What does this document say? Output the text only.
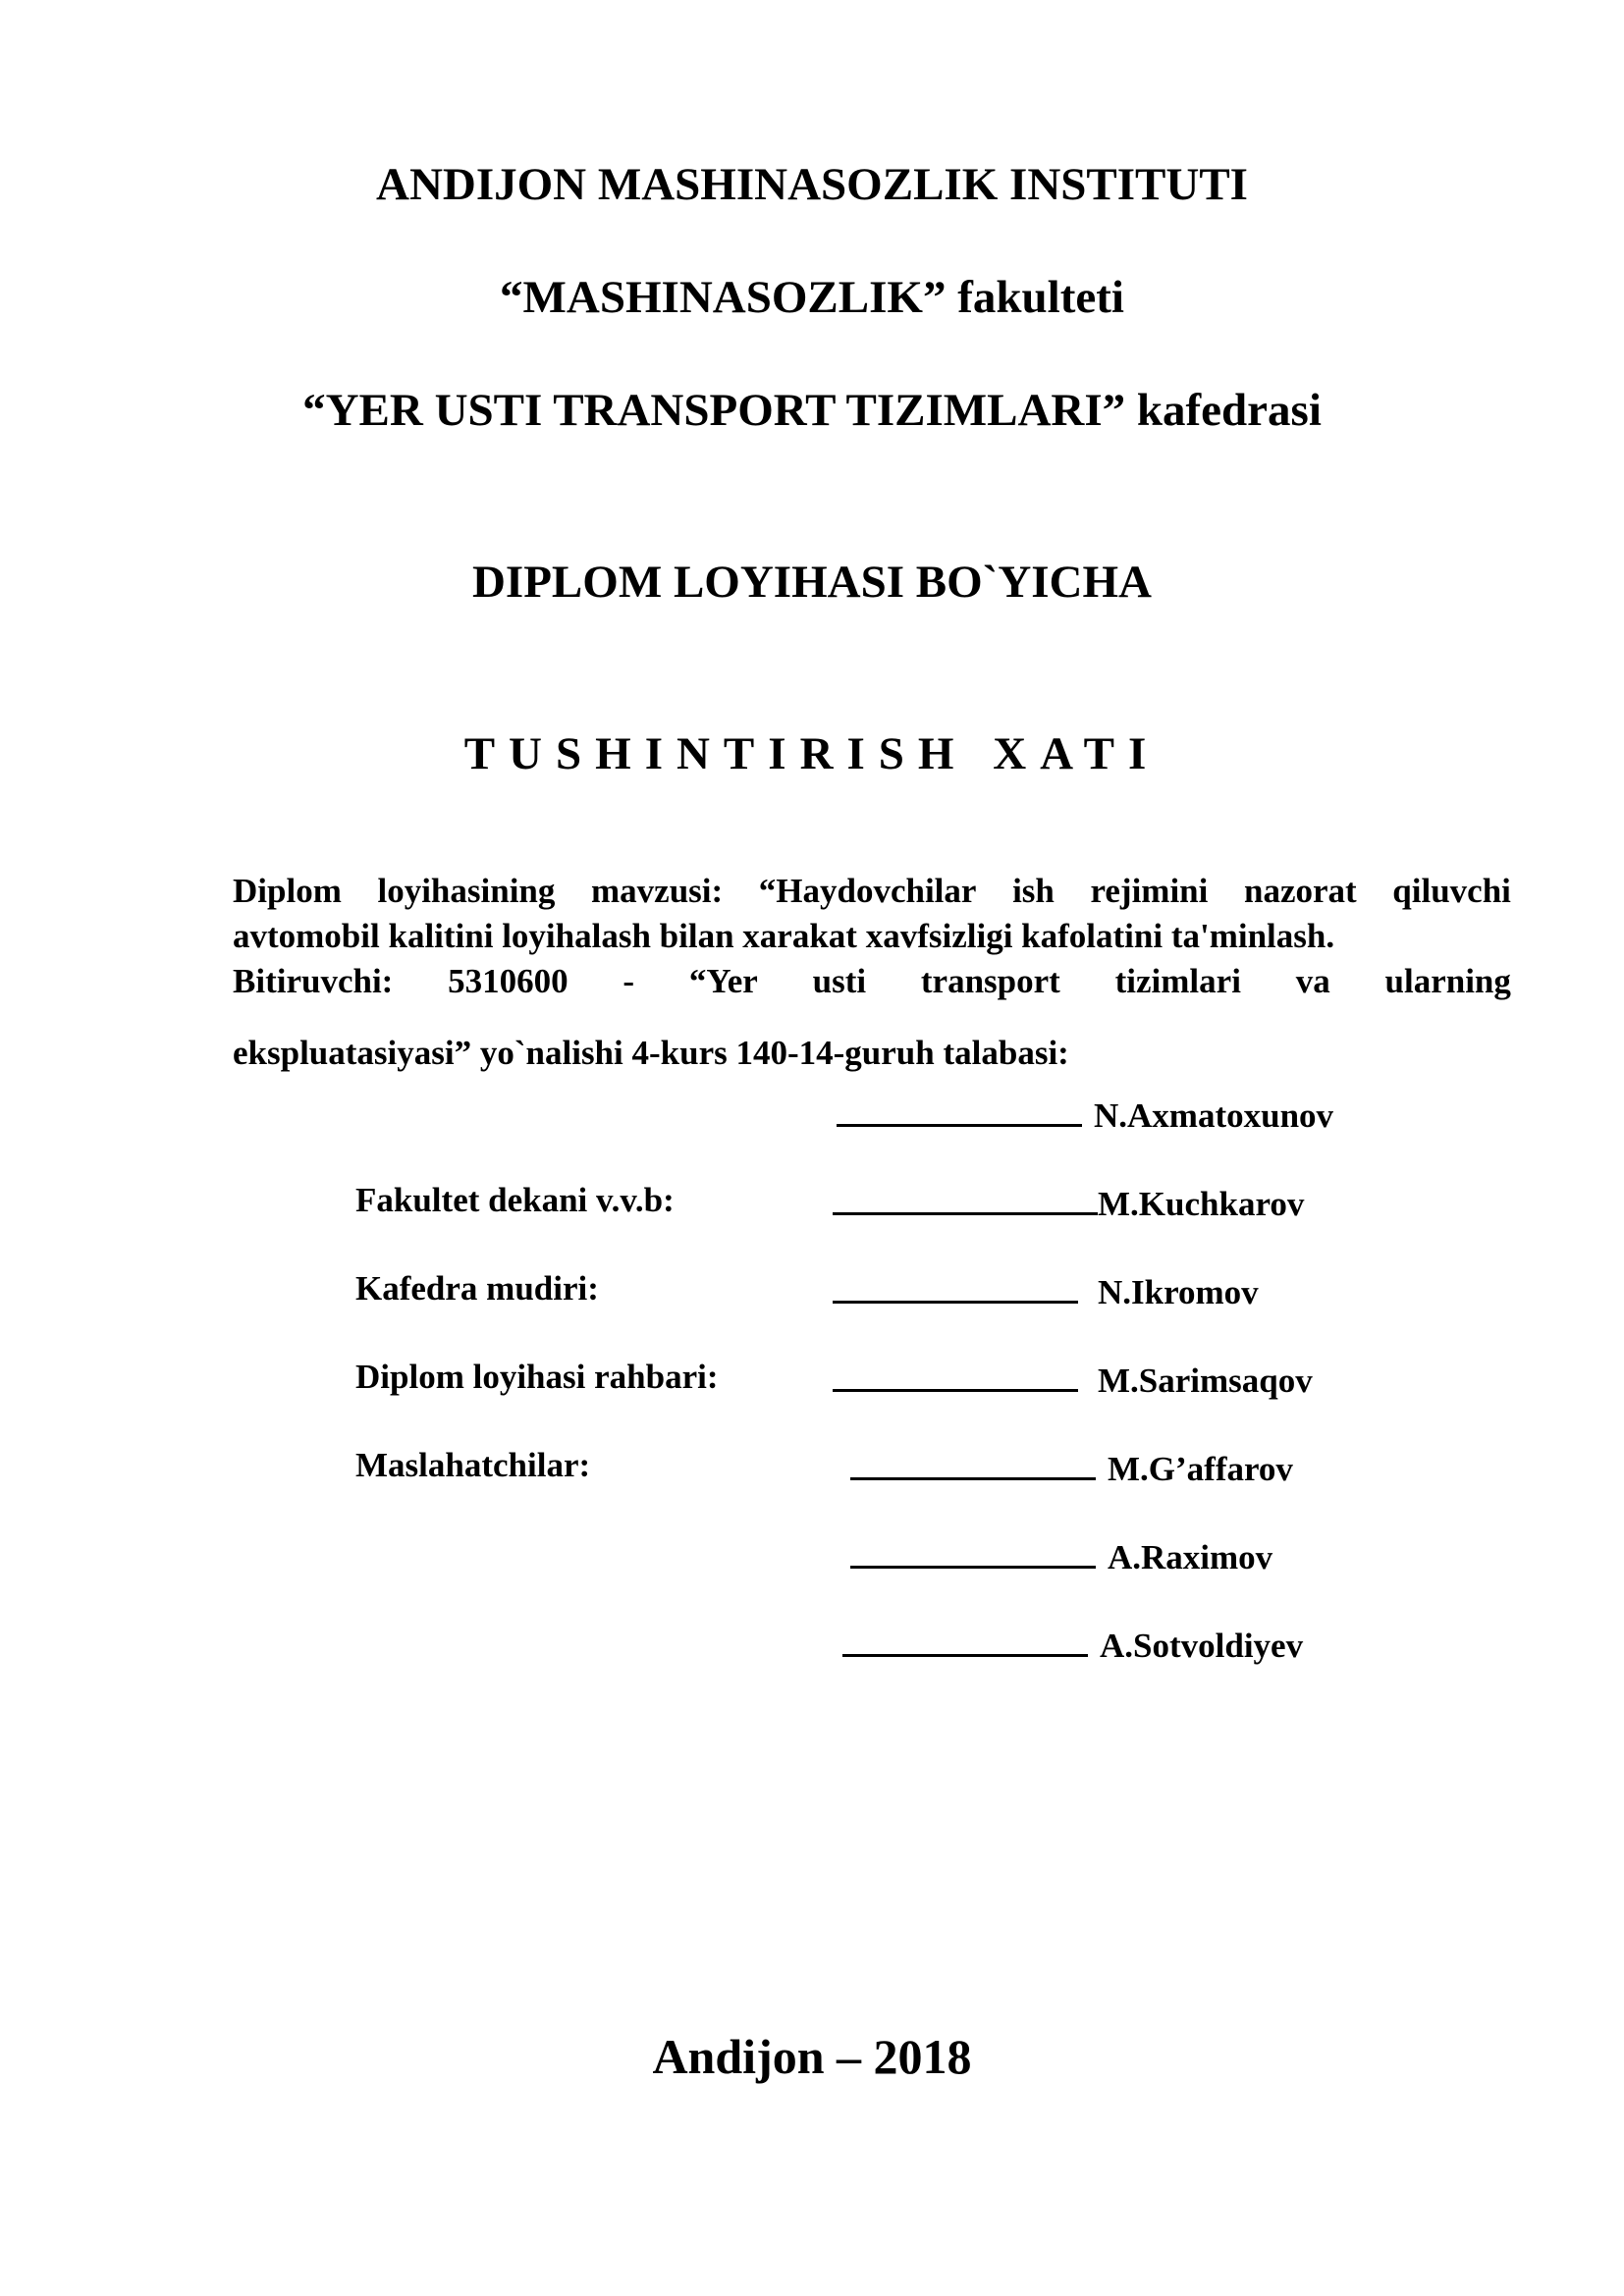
ANDIJON MASHINASOZLIK INSTITUTI
“MASHINASOZLIK” fakulteti
“YER USTI TRANSPORT TIZIMLARI” kafedrasi
DIPLOM LOYIHASI BO`YICHA
TUSHINTIRISH XATI
Diplom loyihasining mavzusi: “Haydovchilar ish rejimini nazorat qiluvchi
avtomobil kalitini loyihalash bilan xarakat xavfsizligi kafolatini ta'minlash.
Bitiruvchi: 5310600 - “Yer usti transport tizimlari va ularning
ekspluatasiyasi” yo`nalishi 4-kurs 140-14-guruh talabasi:
N.Axmatoxunov
Fakultet dekani v.v.b:	M.Kuchkarov
Kafedra mudiri:	N.Ikromov
Diplom loyihasi rahbari:	M.Sarimsaqov
Maslahatchilar:	M.G’affarov
A.Raximov
A.Sotvoldiyev
Andijon – 2018
